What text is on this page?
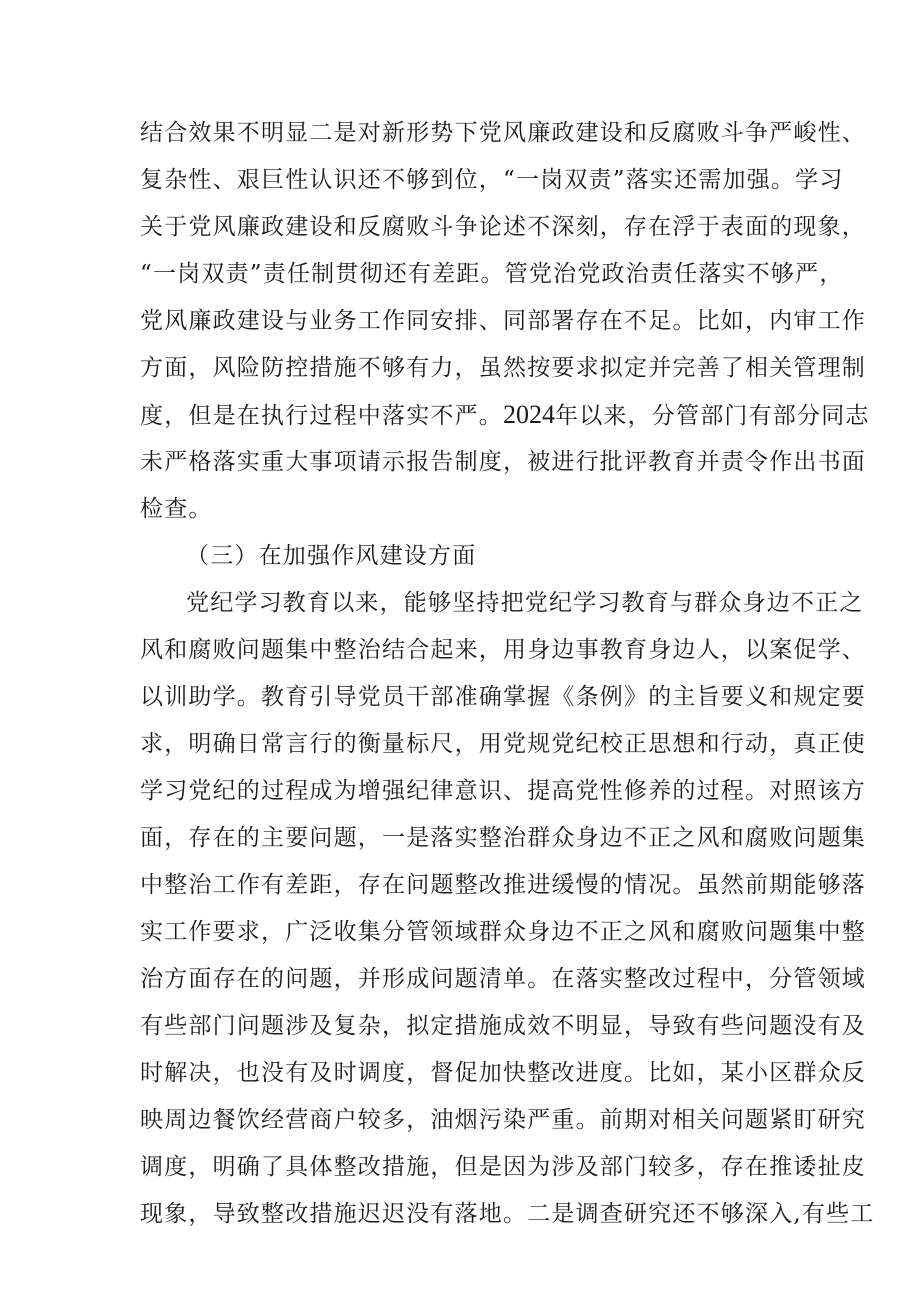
结合效果不明显二是对新形势下党风廉政建设和反腐败斗争严峻性、
复杂性、艰巨性认识还不够到位，“一岗双责”落实还需加强。学习
关于党风廉政建设和反腐败斗争论述不深刻，存在浮于表面的现象，
“一岗双责”责任制贯彻还有差距。管党治党政治责任落实不够严，
党风廉政建设与业务工作同安排、同部署存在不足。比如，内审工作
方面，风险防控措施不够有力，虽然按要求拟定并完善了相关管理制
度，但是在执行过程中落实不严。2024年以来，分管部门有部分同志
未严格落实重大事项请示报告制度，被进行批评教育并责令作出书面
检查。
（三）在加强作风建设方面
党纪学习教育以来，能够坚持把党纪学习教育与群众身边不正之
风和腐败问题集中整治结合起来，用身边事教育身边人，以案促学、
以训助学。教育引导党员干部准确掌握《条例》的主旨要义和规定要
求，明确日常言行的衡量标尺，用党规党纪校正思想和行动，真正使
学习党纪的过程成为增强纪律意识、提高党性修养的过程。对照该方
面，存在的主要问题，一是落实整治群众身边不正之风和腐败问题集
中整治工作有差距，存在问题整改推进缓慢的情况。虽然前期能够落
实工作要求，广泛收集分管领域群众身边不正之风和腐败问题集中整
治方面存在的问题，并形成问题清单。在落实整改过程中，分管领域
有些部门问题涉及复杂，拟定措施成效不明显，导致有些问题没有及
时解决，也没有及时调度，督促加快整改进度。比如，某小区群众反
映周边餐饮经营商户较多，油烟污染严重。前期对相关问题紧盯研究
调度，明确了具体整改措施，但是因为涉及部门较多，存在推诿扯皮
现象，导致整改措施迟迟没有落地。二是调查研究还不够深入,有些工
